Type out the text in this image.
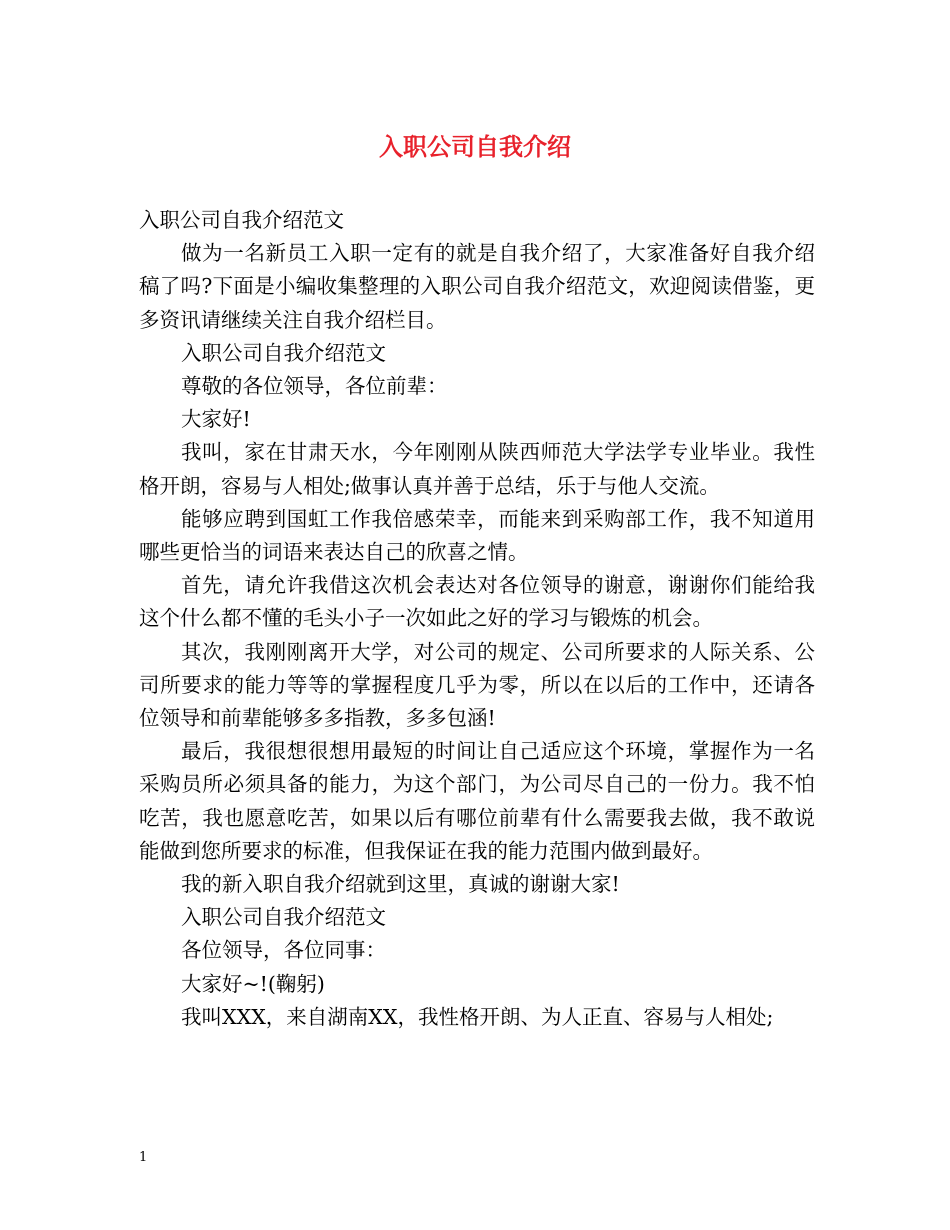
入职公司自我介绍

入职公司自我介绍范文

做为一名新员工入职一定有的就是自我介绍了，大家准备好自我介绍稿了吗?下面是小编收集整理的入职公司自我介绍范文，欢迎阅读借鉴，更多资讯请继续关注自我介绍栏目。

入职公司自我介绍范文

尊敬的各位领导，各位前辈：

大家好!

我叫，家在甘肃天水，今年刚刚从陕西师范大学法学专业毕业。我性格开朗，容易与人相处;做事认真并善于总结，乐于与他人交流。

能够应聘到国虹工作我倍感荣幸，而能来到采购部工作，我不知道用哪些更恰当的词语来表达自己的欣喜之情。

首先，请允许我借这次机会表达对各位领导的谢意，谢谢你们能给我这个什么都不懂的毛头小子一次如此之好的学习与锻炼的机会。

其次，我刚刚离开大学，对公司的规定、公司所要求的人际关系、公司所要求的能力等等的掌握程度几乎为零，所以在以后的工作中，还请各位领导和前辈能够多多指教，多多包涵!

最后，我很想很想用最短的时间让自己适应这个环境，掌握作为一名采购员所必须具备的能力，为这个部门，为公司尽自己的一份力。我不怕吃苦，我也愿意吃苦，如果以后有哪位前辈有什么需要我去做，我不敢说能做到您所要求的标准，但我保证在我的能力范围内做到最好。

我的新入职自我介绍就到这里，真诚的谢谢大家!

入职公司自我介绍范文

各位领导，各位同事：

大家好~!(鞠躬)

我叫XXX，来自湖南XX，我性格开朗、为人正直、容易与人相处;

1
